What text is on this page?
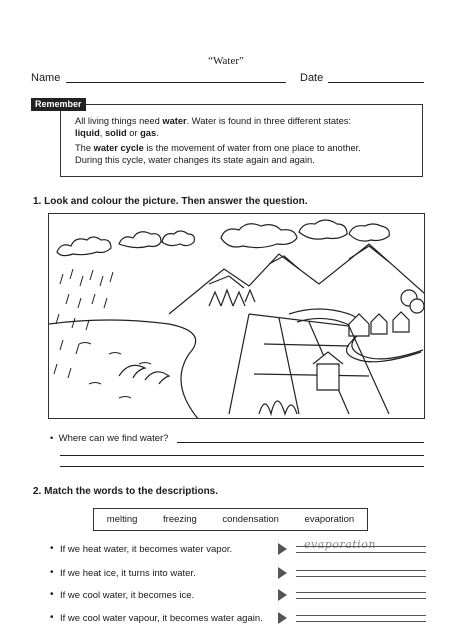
“Water”
Name	Date

All living things need water. Water is found in three different states:
liquid, solid or gas.

The water cycle is the movement of water from one place to another.
During this cycle, water changes its state again and again.

Remember
1. Look and colour the picture. Then answer the question.
•  Where can we find water?
2. Match the words to the descriptions.
melting	freezing	condensation	evaporation
• If we heat water, it becomes water vapor.	evaporation
• If we heat ice, it turns into water.
• If we cool water, it becomes ice.
• If we cool water vapour, it becomes water again.
